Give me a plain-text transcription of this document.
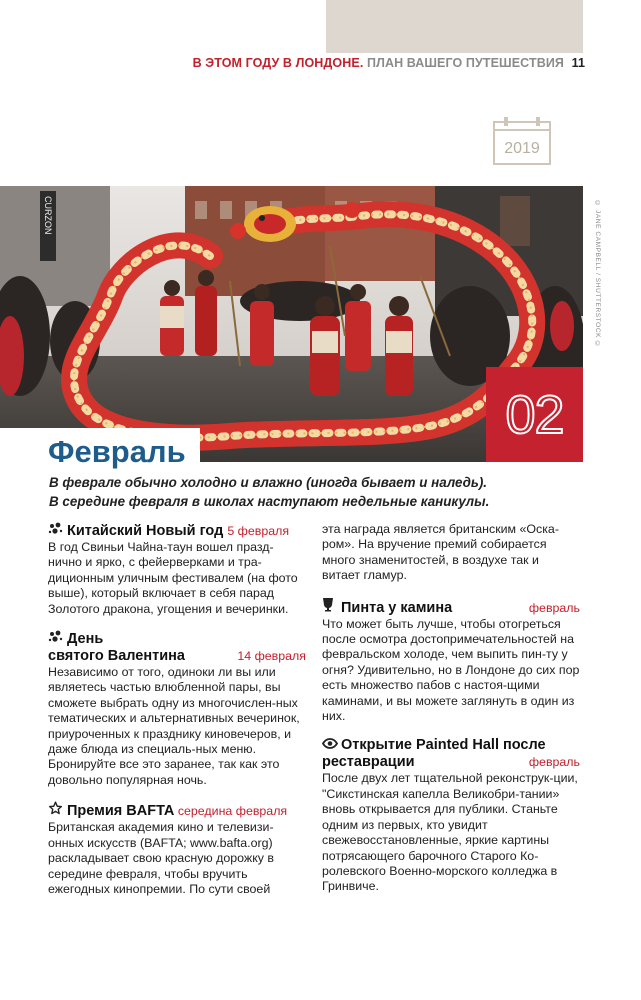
В ЭТОМ ГОДУ В ЛОНДОНЕ. ПЛАН ВАШЕГО ПУТЕШЕСТВИЯ 11
2019
CURZON	© JANE CAMPBELL / SHUTTERSTOCK ©
02
Февраль
В феврале обычно холодно и влажно (иногда бывает и наледь).
В середине февраля в школах наступают недельные каникулы.
Китайский Новый год 5 февраля

В год Свиньи Чайна-таун вошел празд-нично и ярко, с фейерверками и тра-диционным уличным фестивалем (на фото выше), который включает в себя парад Золотого дракона, угощения и вечеринки.

День
святого Валентина	14 февраля

Независимо от того, одиноки ли вы или являетесь частью влюбленной пары, вы сможете выбрать одну из многочислен-ных тематических и альтернативных вечеринок, приуроченных к празднику киновечеров, и даже блюда из специаль-ных меню. Бронируйте все это заранее, так как это довольно популярная ночь.

Премия BAFTA середина февраля

Британская академия кино и телевизи-онных искусств (BAFTA; www.bafta.org) раскладывает свою красную дорожку в середине февраля, чтобы вручить ежегодных кинопремии. По сути своей

эта награда является британским «Оска-ром». На вручение премий собирается много знаменитостей, в воздухе так и витает гламур.

Пинта у камина	февраль

Что может быть лучше, чтобы отогреться после осмотра достопримечательностей на февральском холоде, чем выпить пин-ту у огня? Удивительно, но в Лондоне до сих пор есть множество пабов с настоя-щими каминами, и вы можете заглянуть в один из них.

Открытие Painted Hall после
реставрации	февраль

После двух лет тщательной реконструк-ции, "Сикстинская капелла Великобри-тании» вновь открывается для публики. Станьте одним из первых, кто увидит свежевосстановленные, яркие картины потрясающего барочного Старого Ко-ролевского Военно-морского колледжа в Гринвиче.
